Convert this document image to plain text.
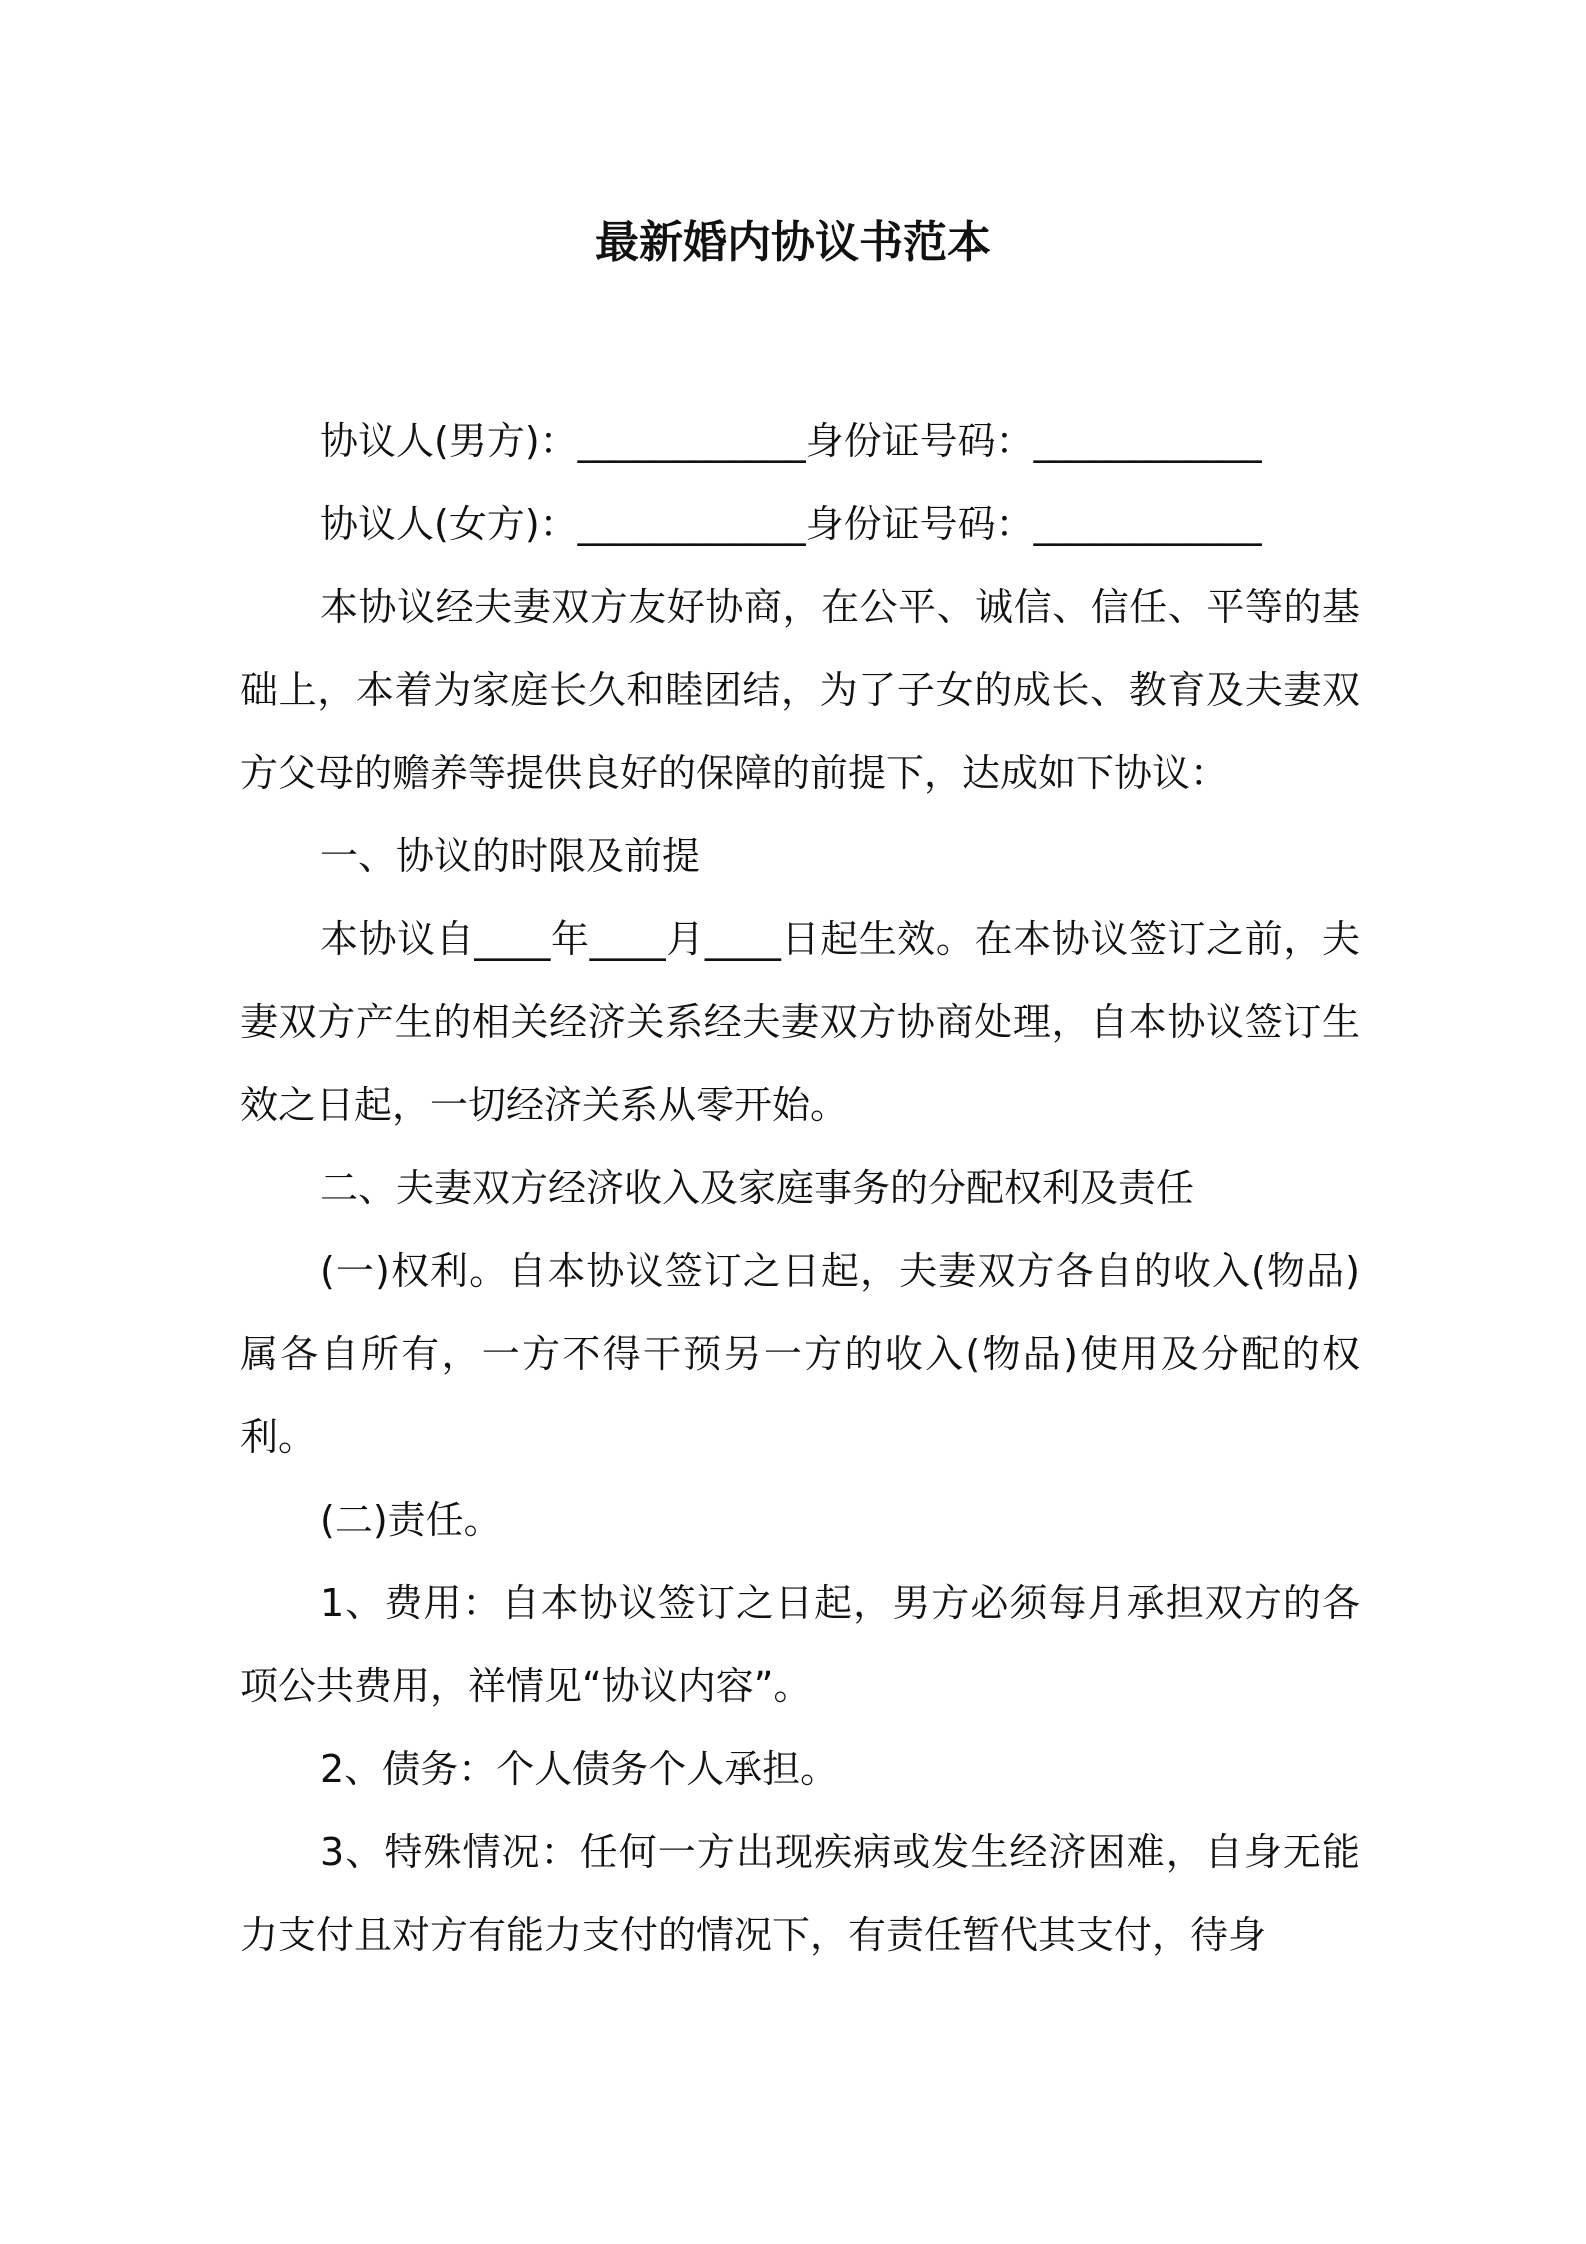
最新婚内协议书范本

协议人(男方)：____________身份证号码：____________

协议人(女方)：____________身份证号码：____________

本协议经夫妻双方友好协商，在公平、诚信、信任、平等的基础上，本着为家庭长久和睦团结，为了子女的成长、教育及夫妻双方父母的赡养等提供良好的保障的前提下，达成如下协议：

一、协议的时限及前提

本协议自____年____月____日起生效。在本协议签订之前，夫妻双方产生的相关经济关系经夫妻双方协商处理，自本协议签订生效之日起，一切经济关系从零开始。

二、夫妻双方经济收入及家庭事务的分配权利及责任

(一)权利。自本协议签订之日起，夫妻双方各自的收入(物品)属各自所有，一方不得干预另一方的收入(物品)使用及分配的权利。

(二)责任。

1、费用：自本协议签订之日起，男方必须每月承担双方的各项公共费用，祥情见“协议内容”。

2、债务：个人债务个人承担。

3、特殊情况：任何一方出现疾病或发生经济困难，自身无能力支付且对方有能力支付的情况下，有责任暂代其支付，待身
